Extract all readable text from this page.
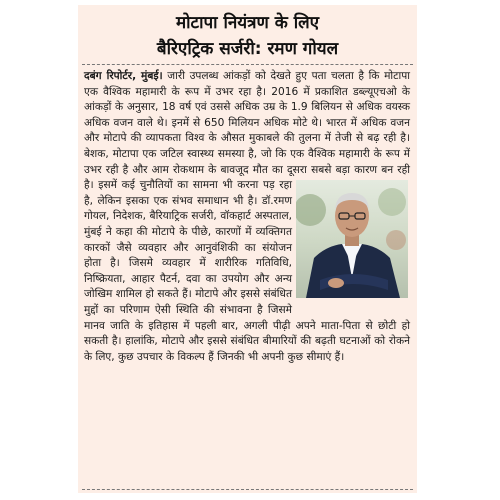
मोटापा नियंत्रण के लिए
बैरिएट्रिक सर्जरी: रमण गोयल

दबंग रिपोर्टर, मुंबई। जारी उपलब्ध आंकड़ों को देखते हुए पता चलता है कि मोटापा एक वैश्विक महामारी के रूप में उभर रहा है। 2016 में प्रकाशित डब्ल्यूएचओ के आंकड़ों के अनुसार, 18 वर्ष एवं उससे अधिक उम्र के 1.9 बिलियन से अधिक वयस्क अधिक वजन वाले थे। इनमें से 650 मिलियन अधिक मोटे थे। भारत में अधिक वजन और मोटापे की व्यापकता विश्व के औसत मुकाबले की तुलना में तेजी से बढ़ रही है। बेशक, मोटापा एक जटिल स्वास्थ्य समस्या है, जो कि एक वैश्विक महामारी के रूप में उभर रही है और आम रोकथाम के बावजूद मौत का दूसरा सबसे बड़ा कारण बन रही है। इसमें कई चुनौतियों का सामना भी करना पड़ रहा है, लेकिन इसका एक संभव समाधान भी है। डॉ.रमण गोयल, निदेशक, बैरियाट्रिक सर्जरी, वॉकहार्ट अस्पताल, मुंबई ने कहा की मोटापे के पीछे, कारणों में व्यक्तिगत कारकों जैसे व्यवहार और आनुवंशिकी का संयोजन होता है। जिसमे व्यवहार में शारीरिक गतिविधि, निष्क्रियता, आहार पैटर्न, दवा का उपयोग और अन्य जोखिम शामिल हो सकते हैं। मोटापे और इससे संबंधित मुद्दों का परिणाम ऐसी स्थिति की संभावना है जिसमे मानव जाति के इतिहास में पहली बार, अगली पीढ़ी अपने माता-पिता से छोटी हो सकती है। हालांकि, मोटापे और इससे संबंधित बीमारियों की बढ़ती घटनाओं को रोकने के लिए, कुछ उपचार के विकल्प हैं जिनकी भी अपनी कुछ सीमाएं हैं।
